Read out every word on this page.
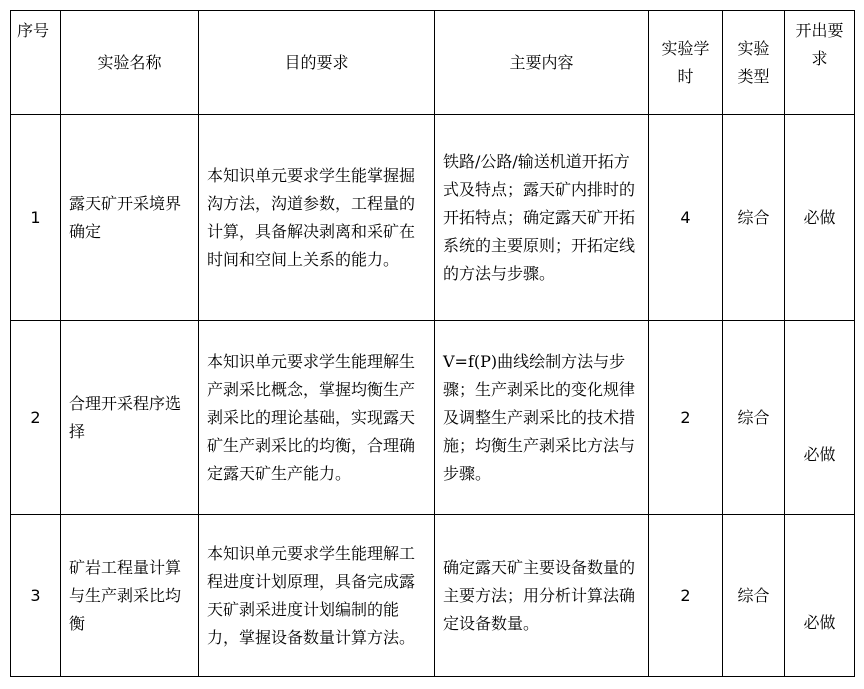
序号	实验名称	目的要求	主要内容	实验学时	实验类型	开出要求
1	露天矿开采境界确定	本知识单元要求学生能掌握掘沟方法，沟道参数，工程量的计算，具备解决剥离和采矿在时间和空间上关系的能力。	铁路/公路/输送机道开拓方式及特点；露天矿内排时的开拓特点；确定露天矿开拓系统的主要原则；开拓定线的方法与步骤。	4	综合	必做
2	合理开采程序选择	本知识单元要求学生能理解生产剥采比概念，掌握均衡生产剥采比的理论基础，实现露天矿生产剥采比的均衡，合理确定露天矿生产能力。	V=f(P)曲线绘制方法与步骤；生产剥采比的变化规律及调整生产剥采比的技术措施；均衡生产剥采比方法与步骤。	2	综合	必做
3	矿岩工程量计算与生产剥采比均衡	本知识单元要求学生能理解工程进度计划原理，具备完成露天矿剥采进度计划编制的能力，掌握设备数量计算方法。	确定露天矿主要设备数量的主要方法；用分析计算法确定设备数量。	2	综合	必做
